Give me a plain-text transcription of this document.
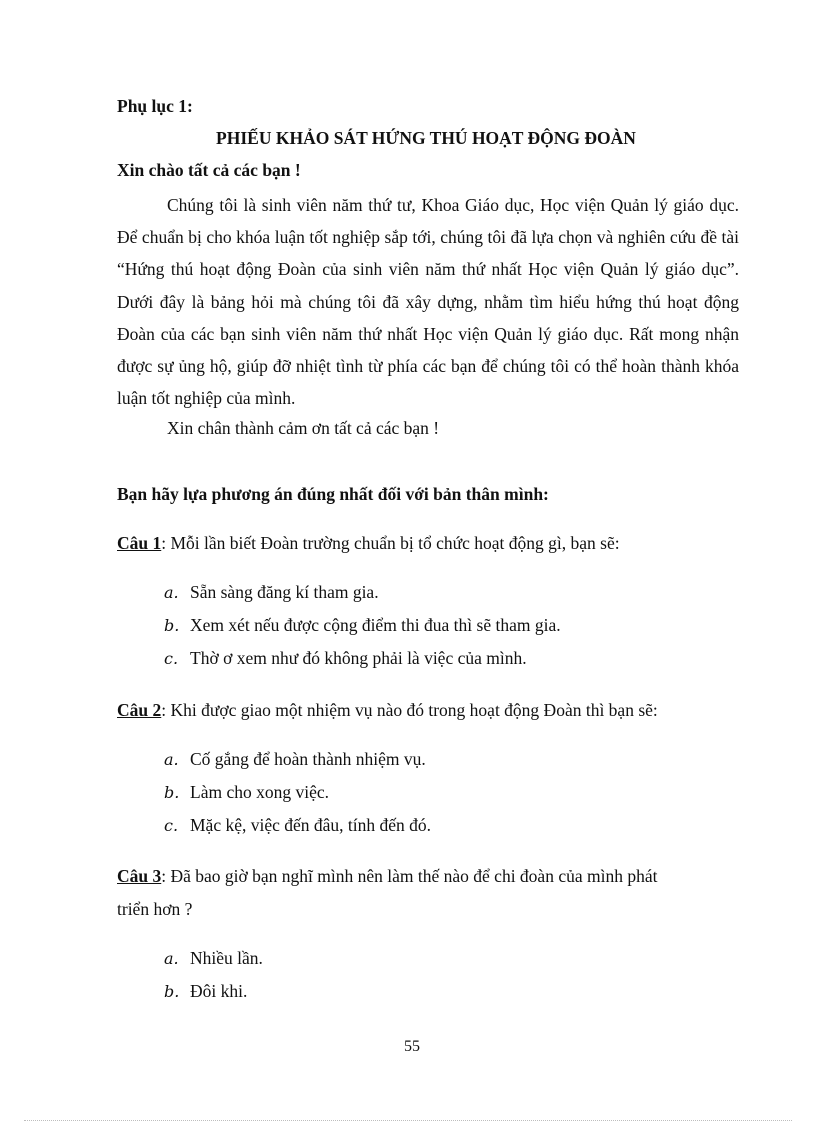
Phụ lục 1:
PHIẾU KHẢO SÁT HỨNG THÚ HOẠT ĐỘNG ĐOÀN
Xin chào tất cả các bạn !

Chúng tôi là sinh viên năm thứ tư, Khoa Giáo dục, Học viện Quản lý giáo dục. Để chuẩn bị cho khóa luận tốt nghiệp sắp tới, chúng tôi đã lựa chọn và nghiên cứu đề tài “Hứng thú hoạt động Đoàn của sinh viên năm thứ nhất Học viện Quản lý giáo dục”. Dưới đây là bảng hỏi mà chúng tôi đã xây dựng, nhằm tìm hiểu hứng thú hoạt động Đoàn của các bạn sinh viên năm thứ nhất Học viện Quản lý giáo dục. Rất mong nhận được sự ủng hộ, giúp đỡ nhiệt tình từ phía các bạn để chúng tôi có thể hoàn thành khóa luận tốt nghiệp của mình.

Xin chân thành cảm ơn tất cả các bạn !
Bạn hãy lựa phương án đúng nhất đối với bản thân mình:
Câu 1: Mỗi lần biết Đoàn trường chuẩn bị tổ chức hoạt động gì, bạn sẽ:
a. Sẵn sàng đăng kí tham gia.
b. Xem xét nếu được cộng điểm thi đua thì sẽ tham gia.
c. Thờ ơ xem như đó không phải là việc của mình.
Câu 2: Khi được giao một nhiệm vụ nào đó trong hoạt động Đoàn thì bạn sẽ:
a. Cố gắng để hoàn thành nhiệm vụ.
b. Làm cho xong việc.
c. Mặc kệ, việc đến đâu, tính đến đó.
Câu 3: Đã bao giờ bạn nghĩ mình nên làm thế nào để chi đoàn của mình phát
triển hơn ?
a. Nhiều lần.
b. Đôi khi.
55
